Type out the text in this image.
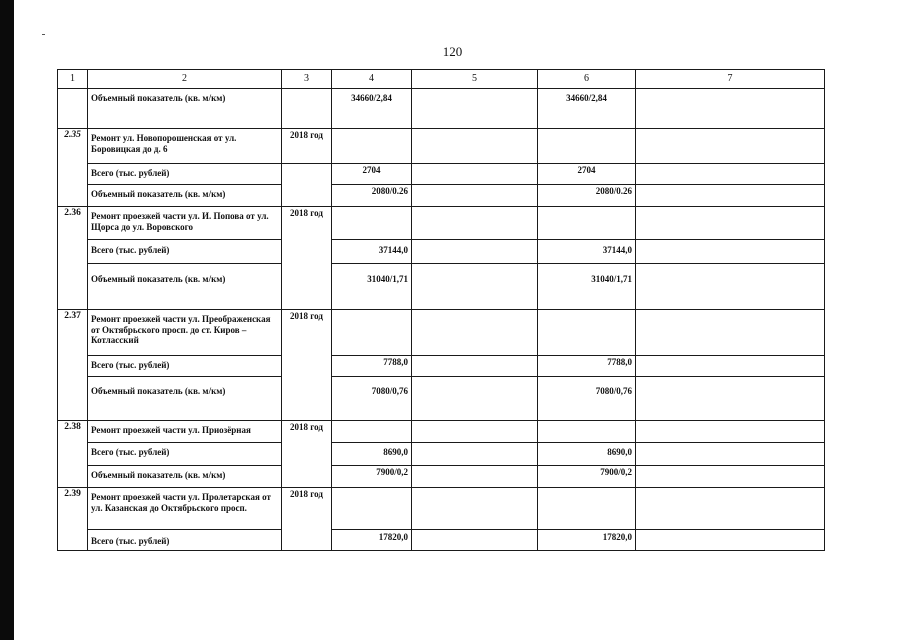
120
1	2	3	4	5	6	7
	Объемный показатель (кв. м/км)		34660/2,84		34660/2,84	
2.35	Ремонт ул. Новопорошенская от ул. Боровицкая до д. 6	2018 год				
	Всего (тыс. рублей)		2704		2704	
	Объемный показатель (кв. м/км)		2080/0.26		2080/0.26	
2.36	Ремонт проезжей части ул. И. Попова от ул. Щорса до ул. Воровского	2018 год				
	Всего (тыс. рублей)		37144,0		37144,0	
	Объемный показатель (кв. м/км)		31040/1,71		31040/1,71	
2.37	Ремонт проезжей части ул. Преображенская от Октябрьского просп. до ст. Киров – Котласский	2018 год				
	Всего (тыс. рублей)		7788,0		7788,0	
	Объемный показатель (кв. м/км)		7080/0,76		7080/0,76	
2.38	Ремонт проезжей части ул. Приозёрная	2018 год				
	Всего (тыс. рублей)		8690,0		8690,0	
	Объемный показатель (кв. м/км)		7900/0,2		7900/0,2	
2.39	Ремонт проезжей части ул. Пролетарская от ул. Казанская до Октябрьского просп.	2018 год				
	Всего (тыс. рублей)		17820,0		17820,0	
